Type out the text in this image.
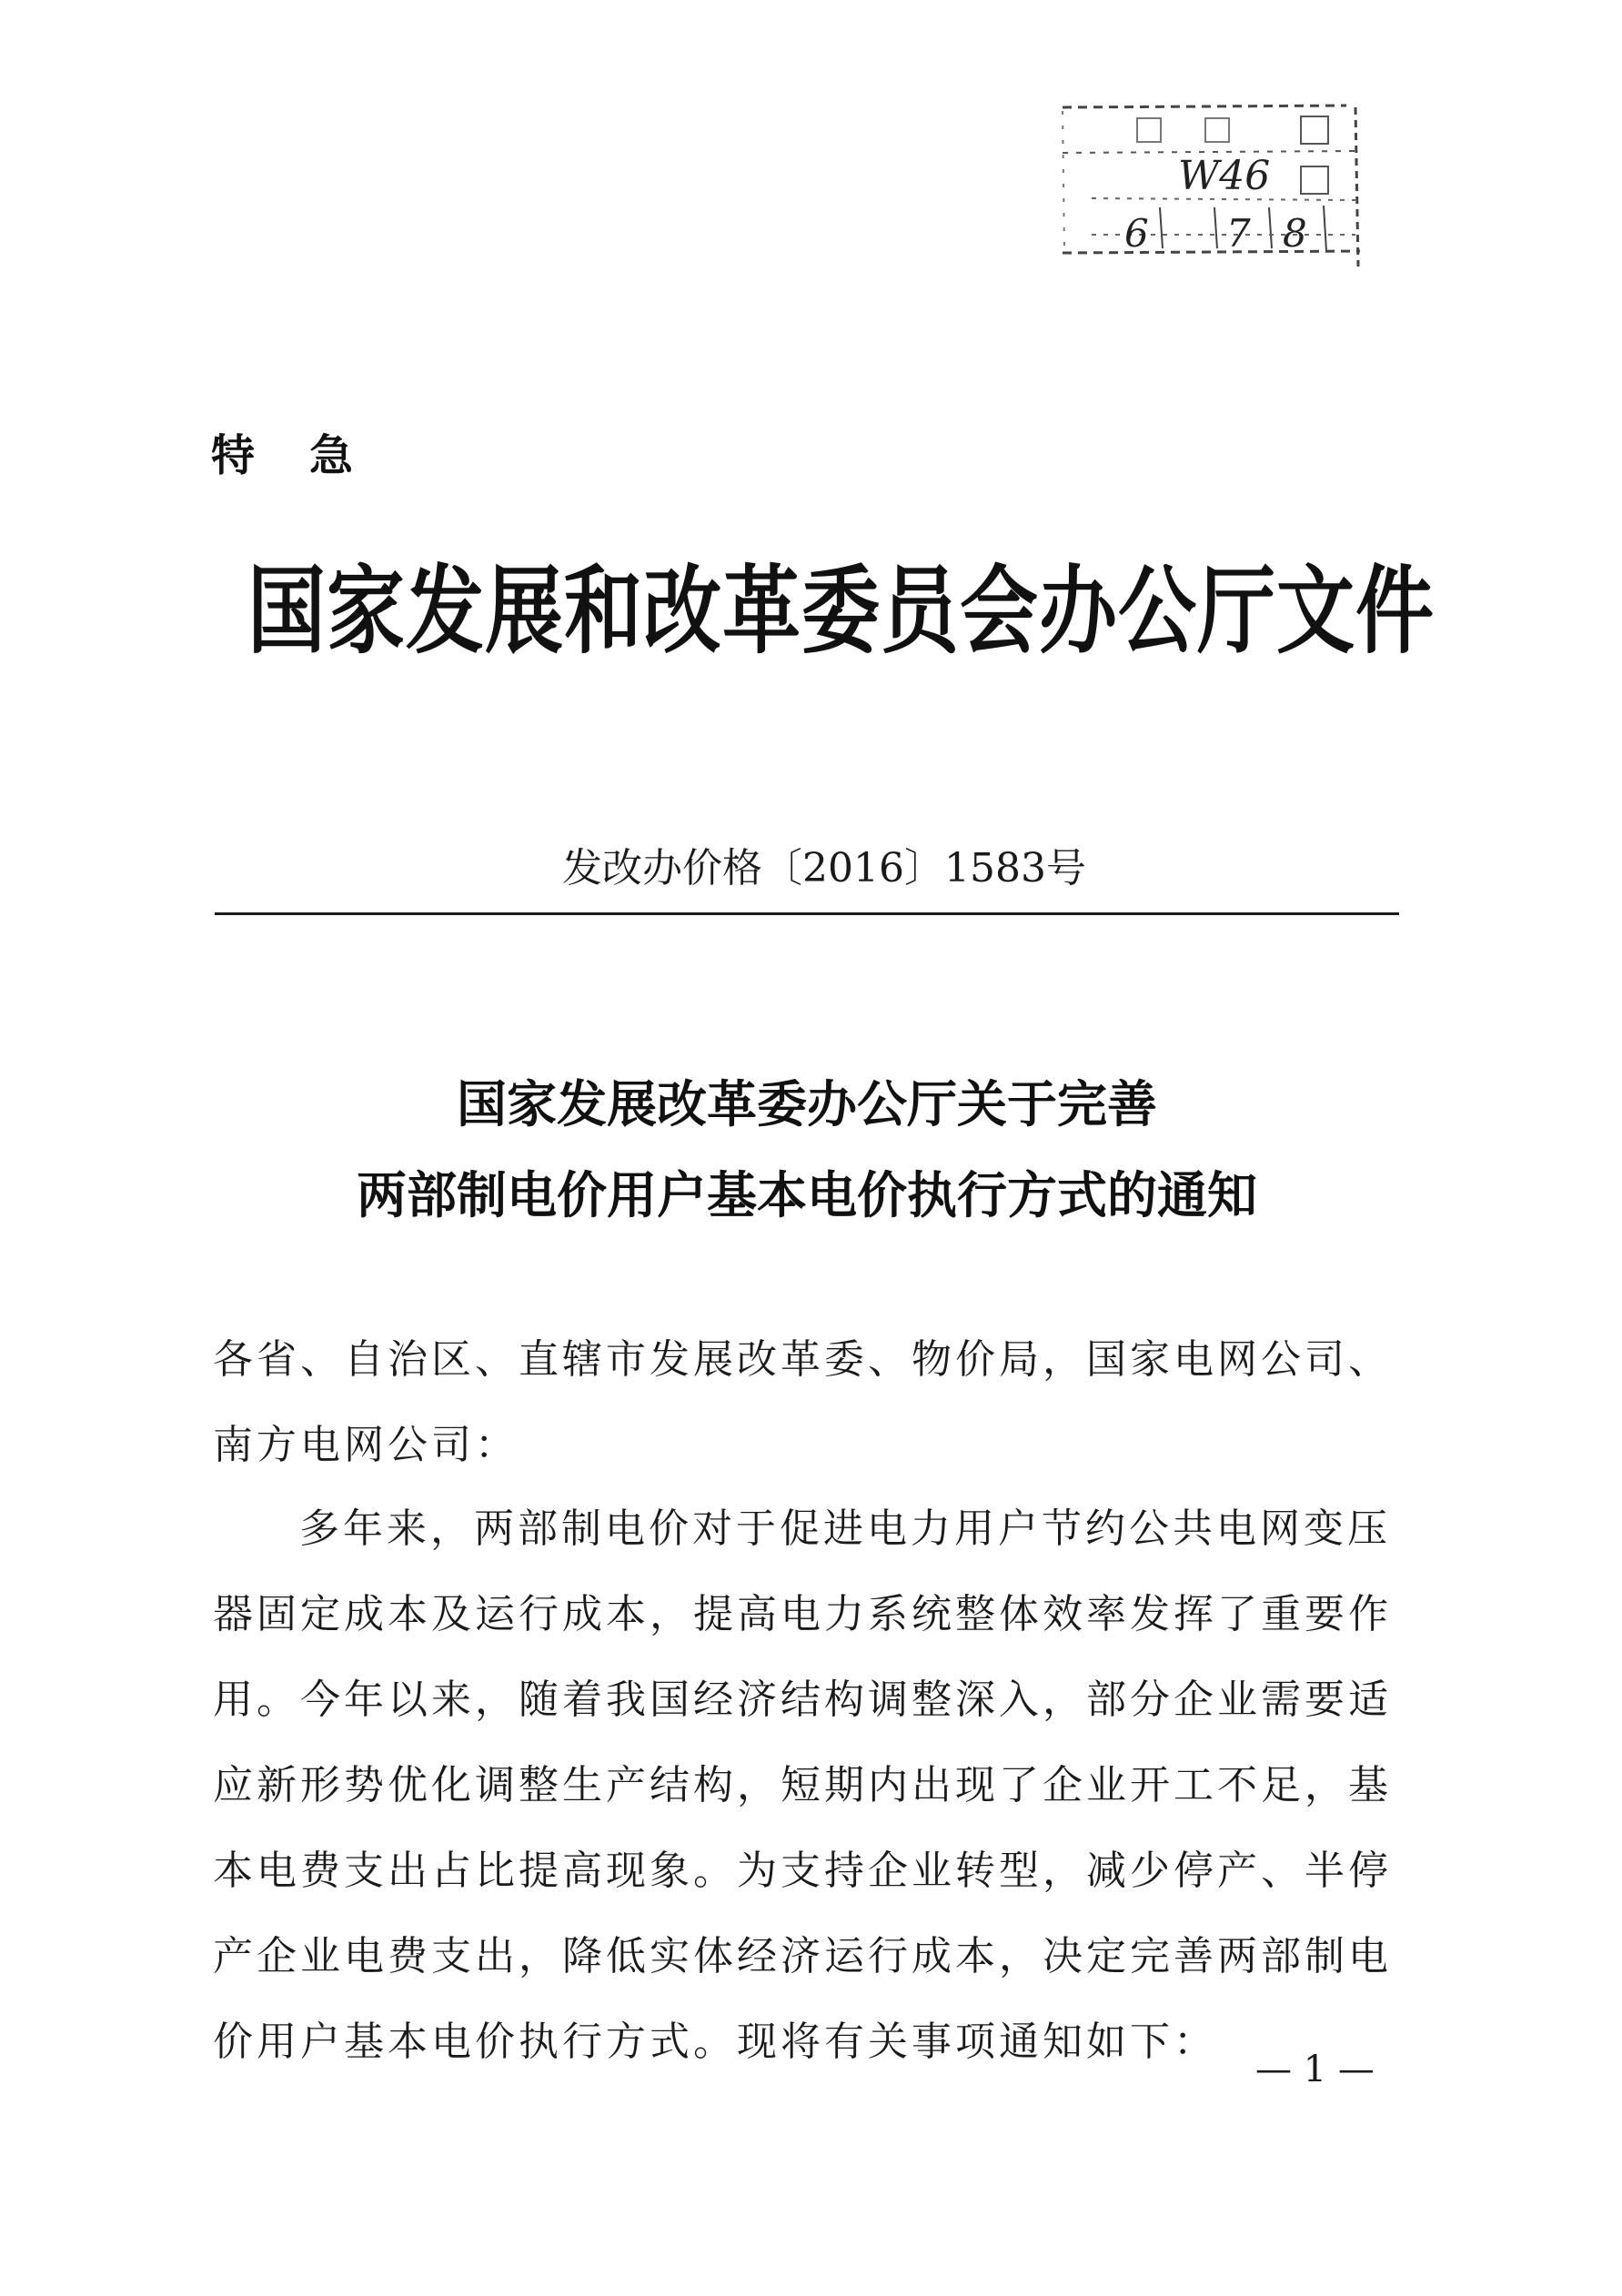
W46
6 7 8
特急
国家发展和改革委员会办公厅文件
发改办价格〔2016〕1583号
国家发展改革委办公厅关于完善
两部制电价用户基本电价执行方式的通知
各省、自治区、直辖市发展改革委、物价局，国家电网公司、南方电网公司：
多年来，两部制电价对于促进电力用户节约公共电网变压器固定成本及运行成本，提高电力系统整体效率发挥了重要作用。今年以来，随着我国经济结构调整深入，部分企业需要适应新形势优化调整生产结构，短期内出现了企业开工不足，基本电费支出占比提高现象。为支持企业转型，减少停产、半停产企业电费支出，降低实体经济运行成本，决定完善两部制电价用户基本电价执行方式。现将有关事项通知如下：
— 1 —
